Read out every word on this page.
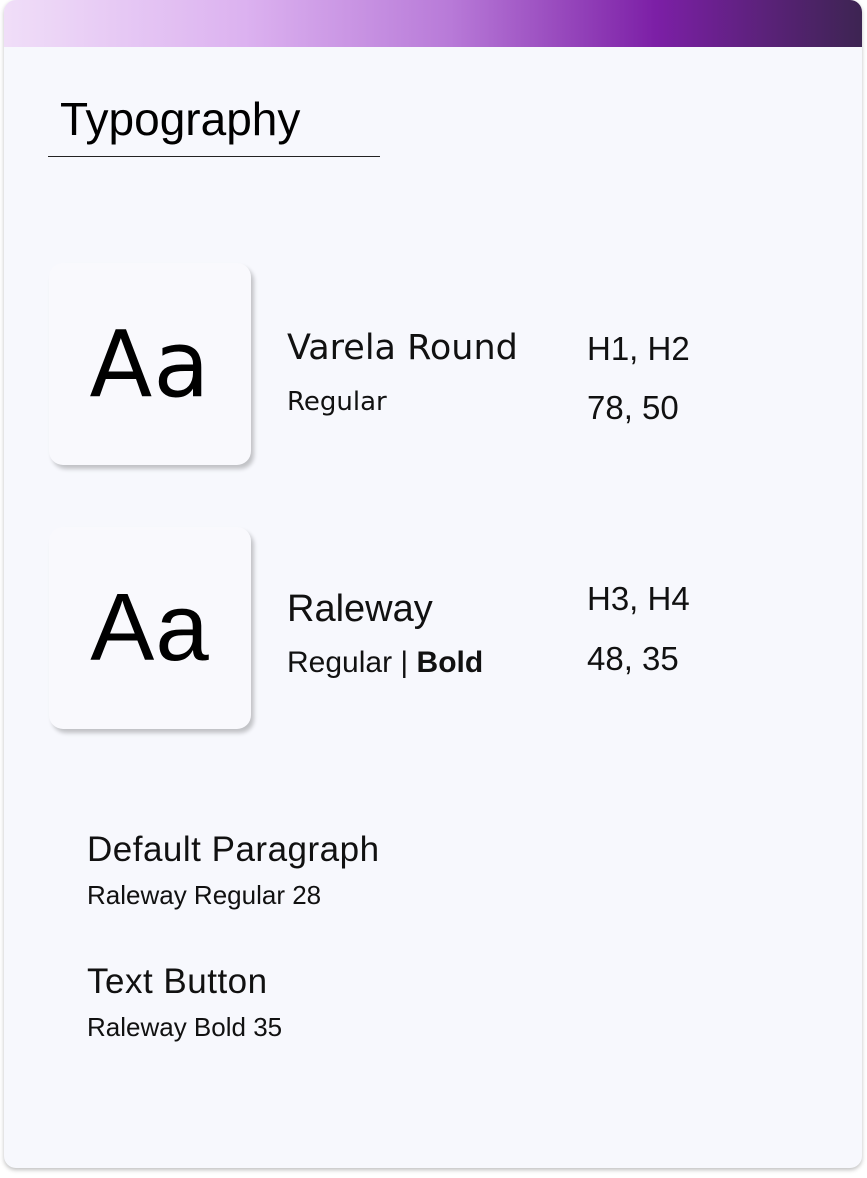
Typography
Aa Varela Round
Regular
H1, H2
78, 50
Aa Raleway
Regular | Bold
H3, H4
48, 35
Default Paragraph
Raleway Regular 28
Text Button
Raleway Bold 35
